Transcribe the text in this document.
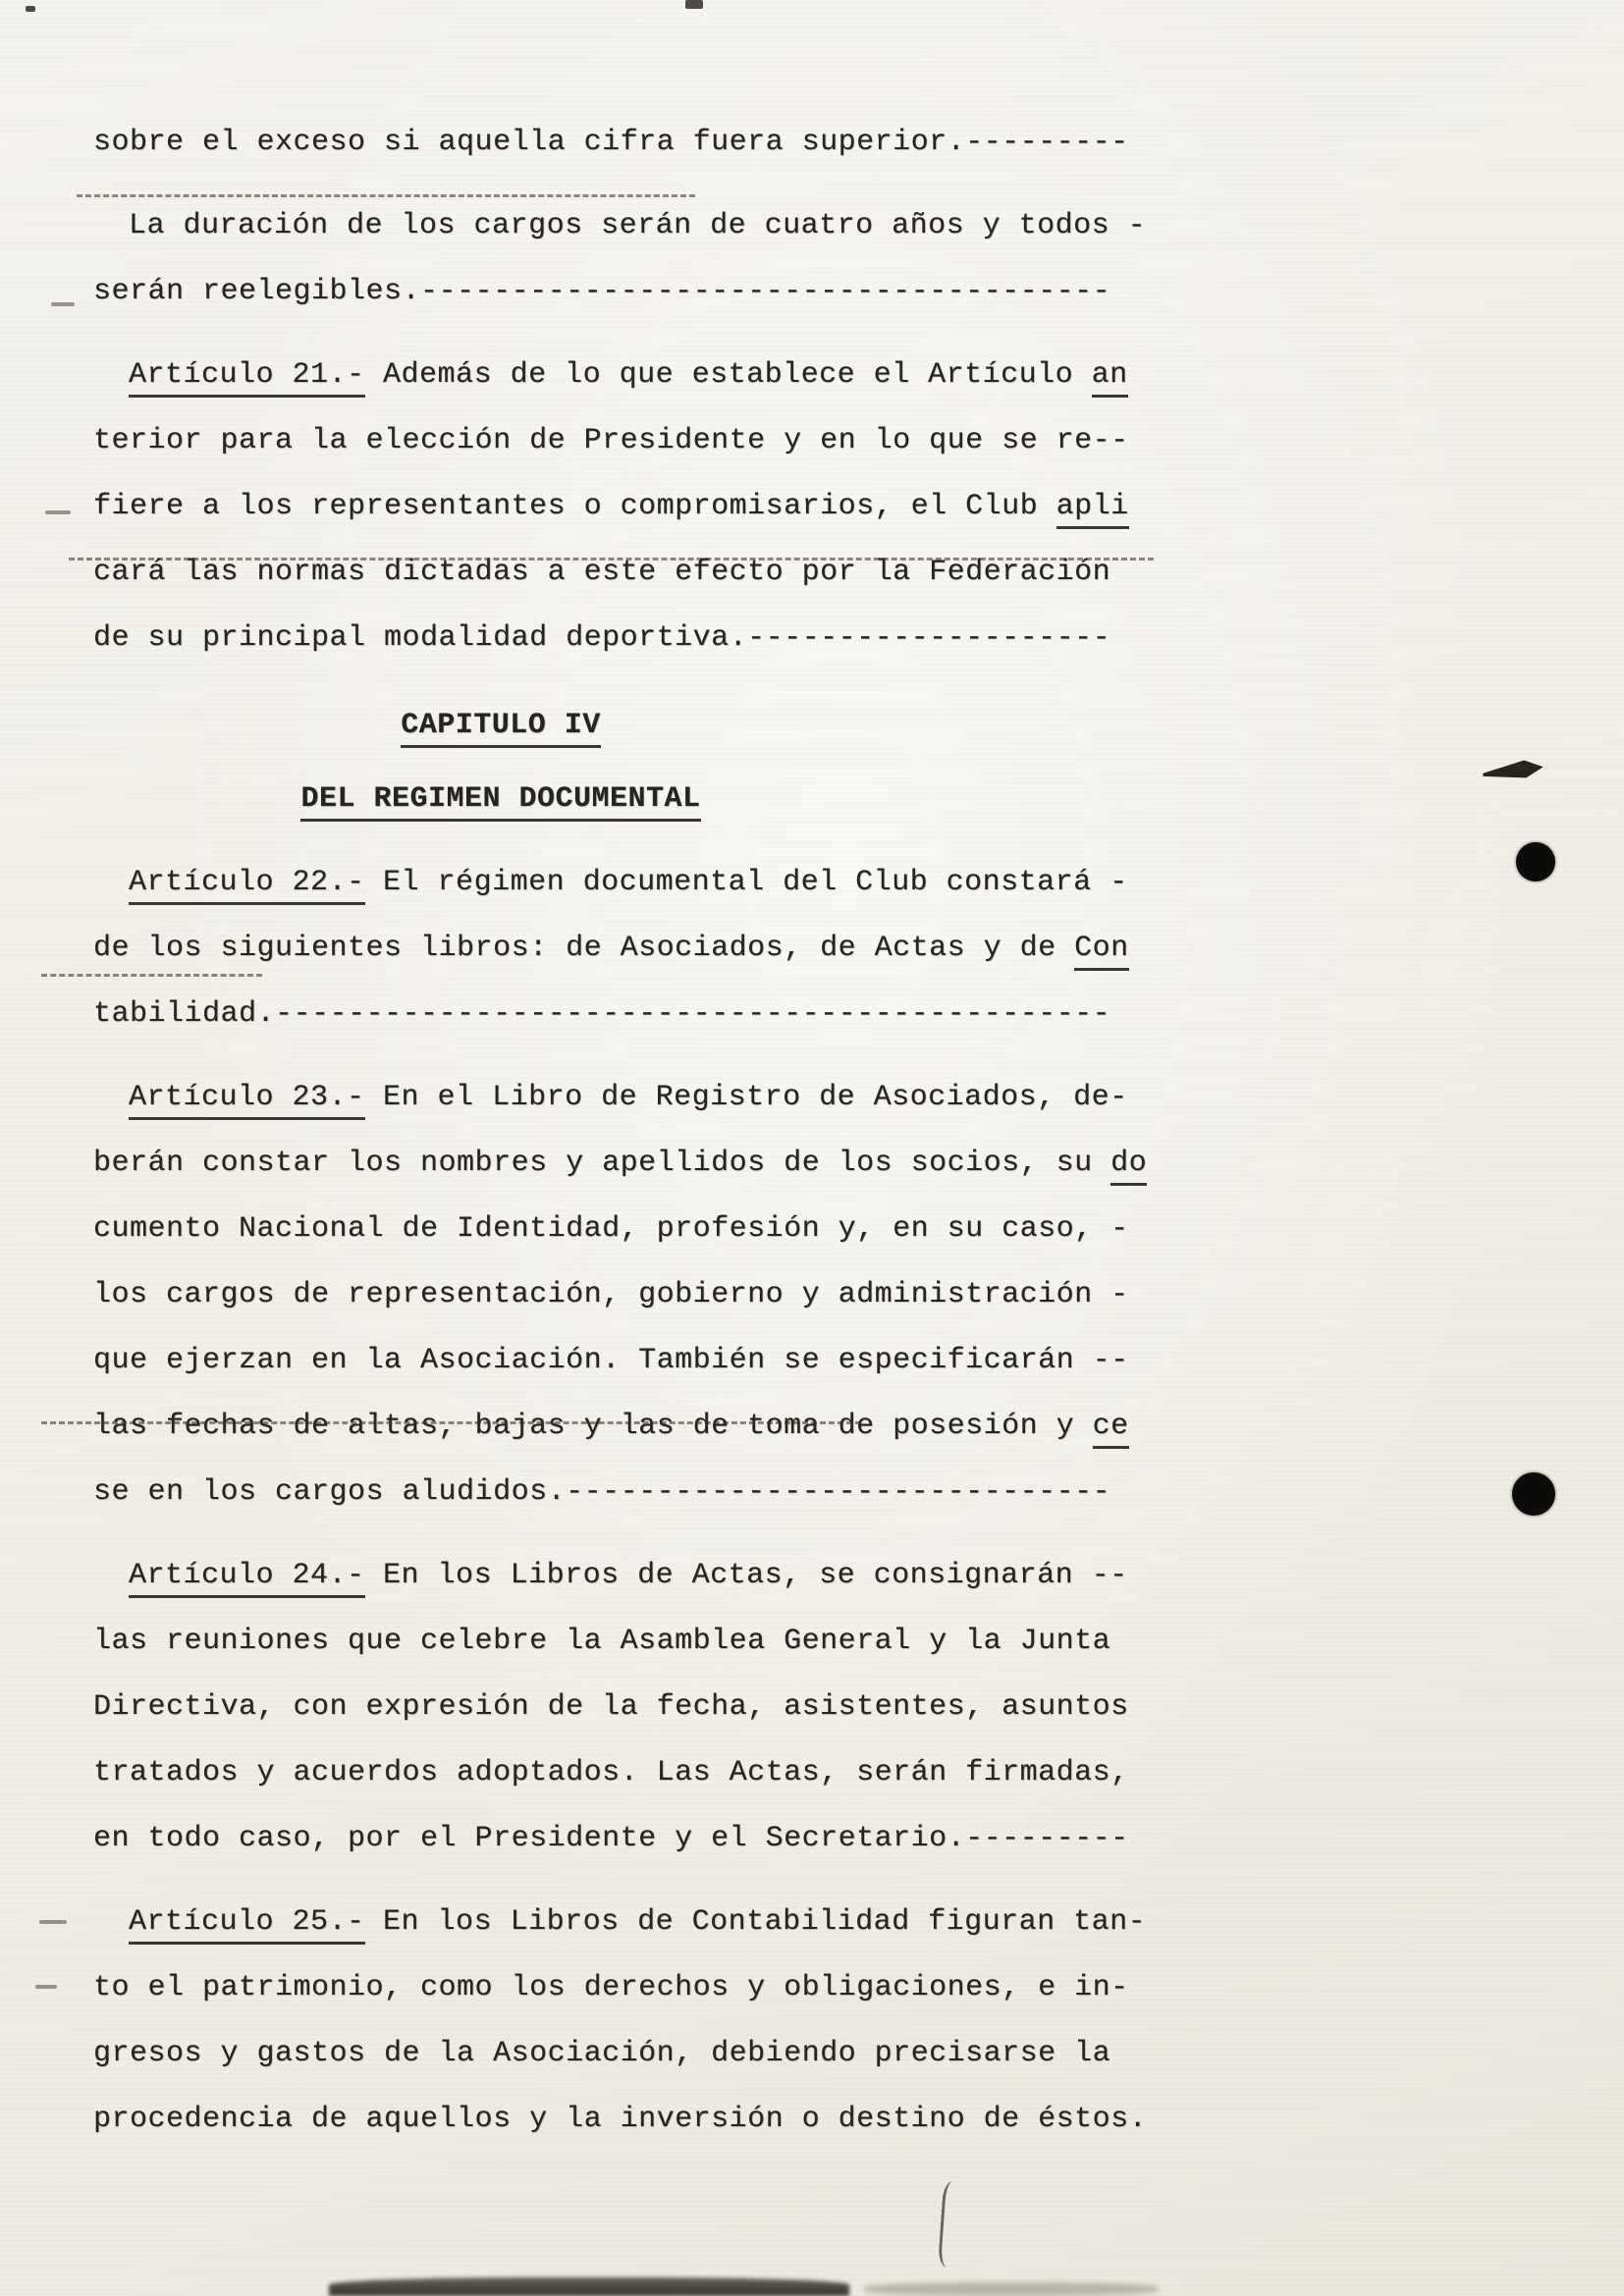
sobre el exceso si aquella cifra fuera superior.---------
La duración de los cargos serán de cuatro años y todos -
serán reelegibles.--------------------------------------
Artículo 21.- Además de lo que establece el Artículo an
terior para la elección de Presidente y en lo que se re--
fiere a los representantes o compromisarios, el Club apli
cará las normas dictadas a este efecto por la Federación
de su principal modalidad deportiva.--------------------
CAPITULO IV
DEL REGIMEN DOCUMENTAL
Artículo 22.- El régimen documental del Club constará -
de los siguientes libros: de Asociados, de Actas y de Con
tabilidad.----------------------------------------------
Artículo 23.- En el Libro de Registro de Asociados, de-
berán constar los nombres y apellidos de los socios, su do
cumento Nacional de Identidad, profesión y, en su caso, -
los cargos de representación, gobierno y administración -
que ejerzan en la Asociación. También se especificarán --
las fechas de altas, bajas y las de toma de posesión y ce
se en los cargos aludidos.------------------------------
Artículo 24.- En los Libros de Actas, se consignarán --
las reuniones que celebre la Asamblea General y la Junta
Directiva, con expresión de la fecha, asistentes, asuntos
tratados y acuerdos adoptados. Las Actas, serán firmadas,
en todo caso, por el Presidente y el Secretario.---------
Artículo 25.- En los Libros de Contabilidad figuran tan-
to el patrimonio, como los derechos y obligaciones, e in-
gresos y gastos de la Asociación, debiendo precisarse la
procedencia de aquellos y la inversión o destino de éstos.
